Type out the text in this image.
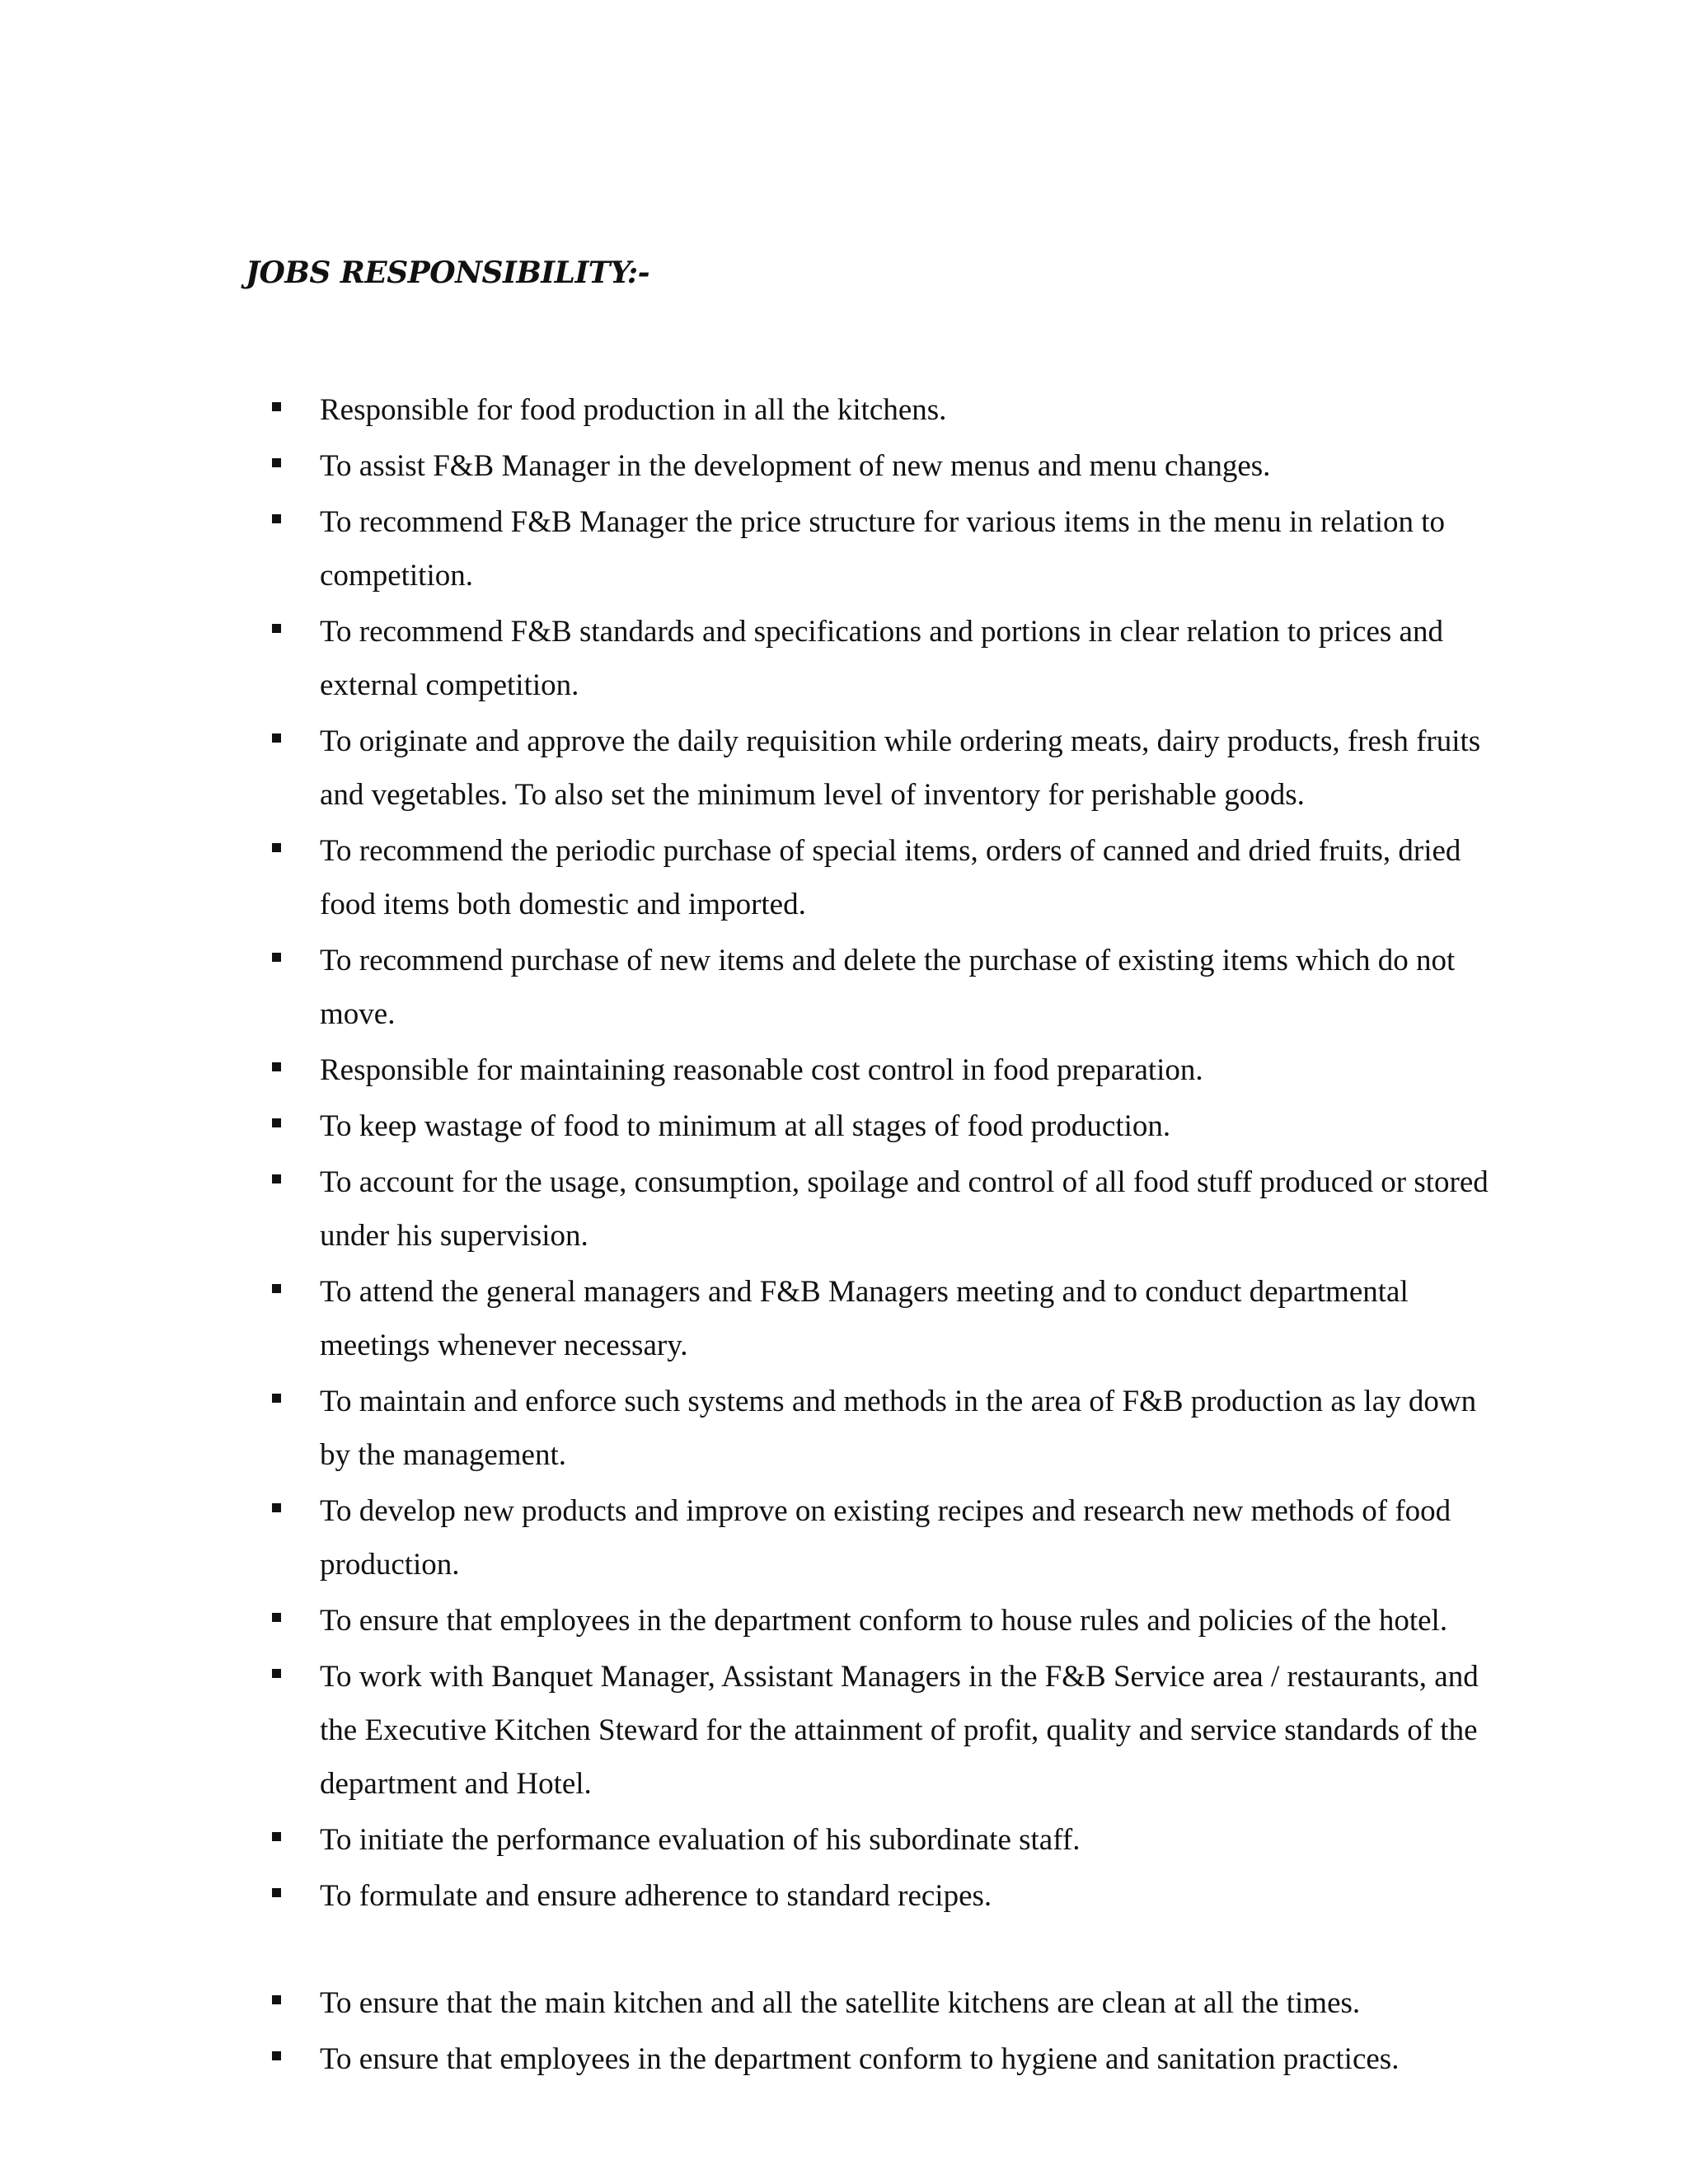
JOBS RESPONSIBILITY:-
Responsible for food production in all the kitchens.
To assist F&B Manager in the development of new menus and menu changes.
To recommend F&B Manager the price structure for various items in the menu in relation to competition.
To recommend F&B standards and specifications and portions in clear relation to prices and external competition.
To originate and approve the daily requisition while ordering meats, dairy products, fresh fruits and vegetables. To also set the minimum level of inventory for perishable goods.
To recommend the periodic purchase of special items, orders of canned and dried fruits, dried food items both domestic and imported.
To recommend purchase of new items and delete the purchase of existing items which do not move.
Responsible for maintaining reasonable cost control in food preparation.
To keep wastage of food to minimum at all stages of food production.
To account for the usage, consumption, spoilage and control of all food stuff produced or stored under his supervision.
To attend the general managers and F&B Managers meeting and to conduct departmental meetings whenever necessary.
To maintain and enforce such systems and methods in the area of F&B production as lay down by the management.
To develop new products and improve on existing recipes and research new methods of food production.
To ensure that employees in the department conform to house rules and policies of the hotel.
To work with Banquet Manager, Assistant Managers in the F&B Service area / restaurants, and the Executive Kitchen Steward for the attainment of profit, quality and service standards of the department and Hotel.
To initiate the performance evaluation of his subordinate staff.
To formulate and ensure adherence to standard recipes.
To ensure that the main kitchen and all the satellite kitchens are clean at all the times.
To ensure that employees in the department conform to hygiene and sanitation practices.
